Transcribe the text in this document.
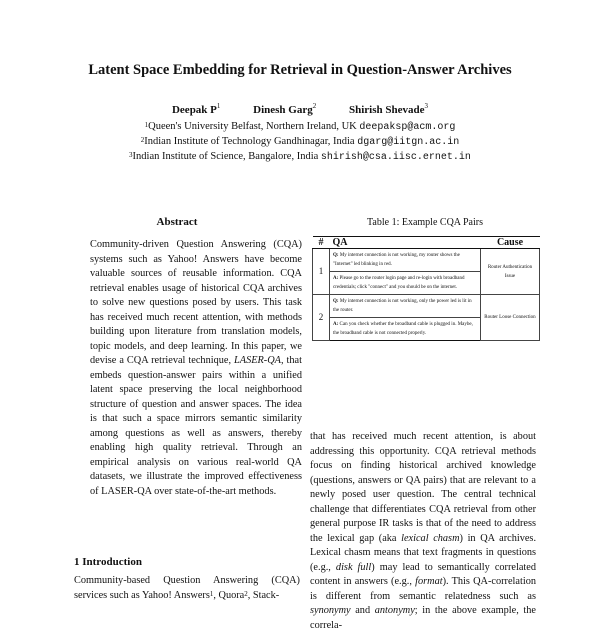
Latent Space Embedding for Retrieval in Question-Answer Archives
Deepak $P^1$	Dinesh Garg$^2$	Shirish Shevade$^3$
$^1$Queen's University Belfast, Northern Ireland, UK deepaksp@acm.org
$^2$Indian Institute of Technology Gandhinagar, India dgarg@iitgn.ac.in
$^3$Indian Institute of Science, Bangalore, India shirish@csa.iisc.ernet.in
Abstract

Community-driven Question Answering (CQA) systems such as Yahoo! Answers have become valuable sources of reusable information. CQA retrieval enables usage of historical CQA archives to solve new questions posed by users. This task has received much recent attention, with methods building upon literature from translation models, topic models, and deep learning. In this paper, we devise a CQA retrieval technique, LASER-QA, that embeds question-answer pairs within a unified latent space preserving the local neighborhood structure of question and answer spaces. The idea is that such a space mirrors semantic similarity among questions as well as answers, thereby enabling high quality retrieval. Through an empirical analysis on various real-world QA datasets, we illustrate the improved effectiveness of LASER-QA over state-of-the-art methods.

1 Introduction

Community-based Question Answering (CQA) services such as Yahoo! Answers$^1$, Quora$^2$, Stack-

Table 1: Example CQA Pairs
#	QA	Cause
1	Q: My internet connection is not working, my router shows the "Internet" led blinking in red.	Router Authentication Issue
	A: Please go to the router login page and re-login with broadband credentials; click "connect" and you should be on the internet.	
2	Q: My internet connection is not working, only the power led is lit in the router.	Router Loose Connection
	A: Can you check whether the broadband cable is plugged in. Maybe, the broadband cable is not connected properly.	

that has received much recent attention, is about addressing this opportunity. CQA retrieval methods focus on finding historical archived knowledge (questions, answers or QA pairs) that are relevant to a newly posed user question. The central technical challenge that differentiates CQA retrieval from other general purpose IR tasks is that of the need to address the lexical gap (aka lexical chasm) in QA archives. Lexical chasm means that text fragments in questions (e.g., disk full) may lead to semantically correlated content in answers (e.g., format). This QA-correlation is different from semantic relatedness such as synonymy and antonymy; in the above example, the correla-
